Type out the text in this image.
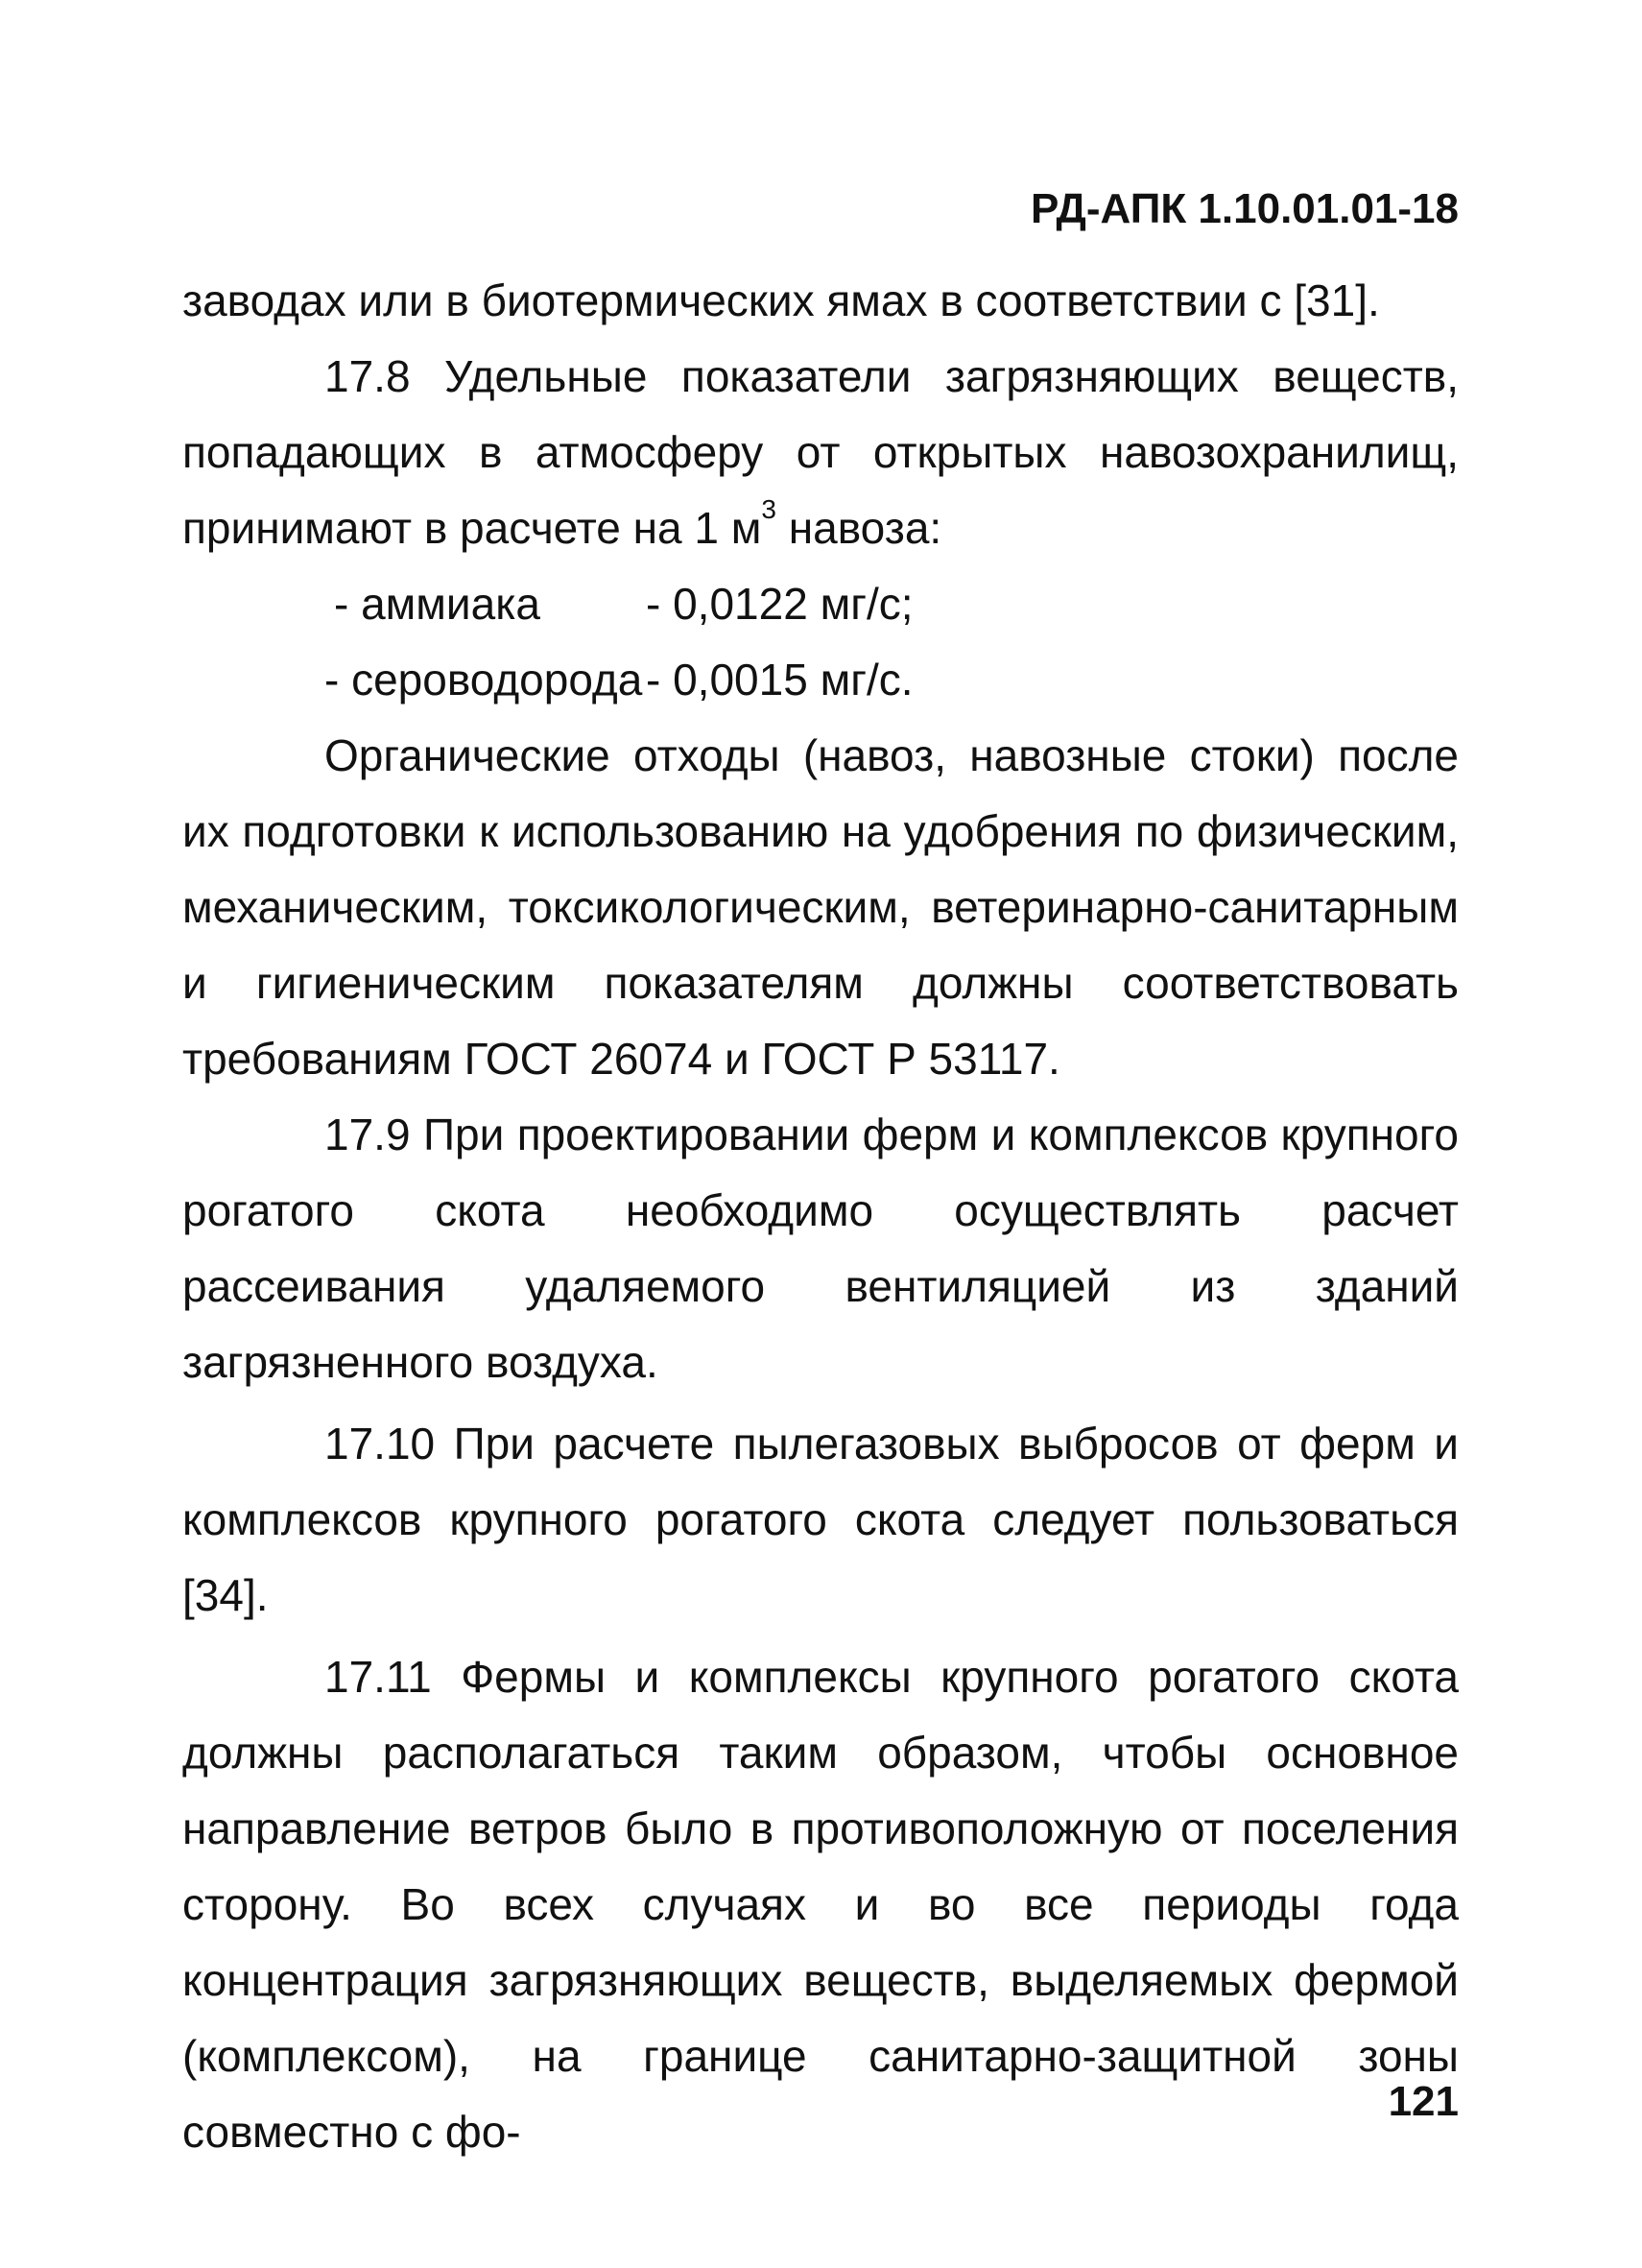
РД-АПК 1.10.01.01-18

заводах или в биотермических ямах в соответствии с [31].

17.8 Удельные показатели загрязняющих веществ, попадающих в атмосферу от открытых навозохранилищ, принимают в расчете на 1 $м^3$ навоза:

- аммиака - 0,0122 мг/с;
- сероводорода- 0,0015 мг/с.

Органические отходы (навоз, навозные стоки) после их подготовки к использованию на удобрения по физическим, механическим, токсикологическим, ветеринарно-санитарным и гигиеническим показателям должны соответствовать требованиям ГОСТ 26074 и ГОСТ Р 53117.

17.9 При проектировании ферм и комплексов крупного рогатого скота необходимо осуществлять расчет рассеивания удаляемого вентиляцией из зданий загрязненного воздуха.

17.10 При расчете пылегазовых выбросов от ферм и комплексов крупного рогатого скота следует пользоваться [34].

17.11 Фермы и комплексы крупного рогатого скота должны располагаться таким образом, чтобы основное направление ветров было в противоположную от поселения сторону. Во всех случаях и во все периоды года концентрация загрязняющих веществ, выделяемых фермой (комплексом), на границе санитарно-защитной зоны совместно с фо-

121
